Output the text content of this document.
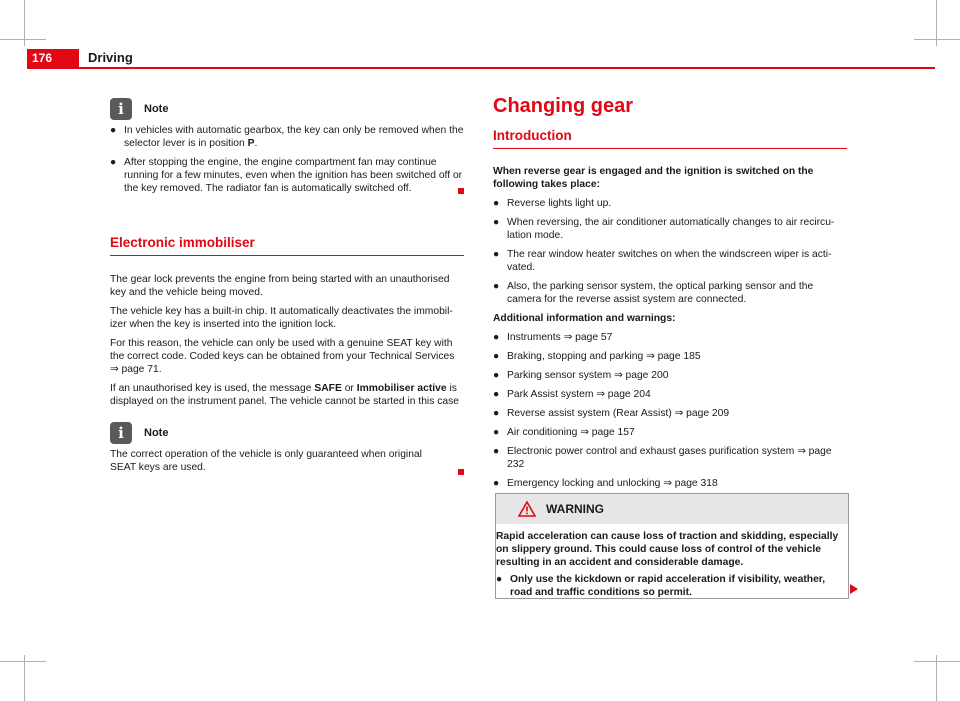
176	Driving
i Note
● In vehicles with automatic gearbox, the key can only be removed when the selector lever is in position P.
● After stopping the engine, the engine compartment fan may continue running for a few minutes, even when the ignition has been switched off or the key removed. The radiator fan is automatically switched off.
Electronic immobiliser

The gear lock prevents the engine from being started with an unauthorised key and the vehicle being moved.

The vehicle key has a built-in chip. It automatically deactivates the immobil-izer when the key is inserted into the ignition lock.

For this reason, the vehicle can only be used with a genuine SEAT key with the correct code. Coded keys can be obtained from your Technical Services ⇒ page 71.

If an unauthorised key is used, the message SAFE or Immobiliser active is displayed on the instrument panel. The vehicle cannot be started in this case

i Note

The correct operation of the vehicle is only guaranteed when original SEAT keys are used.

Changing gear
Introduction

When reverse gear is engaged and the ignition is switched on the following takes place:

● Reverse lights light up.
● When reversing, the air conditioner automatically changes to air recircu-lation mode.
● The rear window heater switches on when the windscreen wiper is acti-vated.
● Also, the parking sensor system, the optical parking sensor and the camera for the reverse assist system are connected.

Additional information and warnings:

● Instruments ⇒ page 57
● Braking, stopping and parking ⇒ page 185
● Parking sensor system ⇒ page 200
● Park Assist system ⇒ page 204
● Reverse assist system (Rear Assist) ⇒ page 209
● Air conditioning ⇒ page 157
● Electronic power control and exhaust gases purification system ⇒ page 232
● Emergency locking and unlocking ⇒ page 318
WARNING

Rapid acceleration can cause loss of traction and skidding, especially on slippery ground. This could cause loss of control of the vehicle resulting in an accident and considerable damage.

● Only use the kickdown or rapid acceleration if visibility, weather, road and traffic conditions so permit.
